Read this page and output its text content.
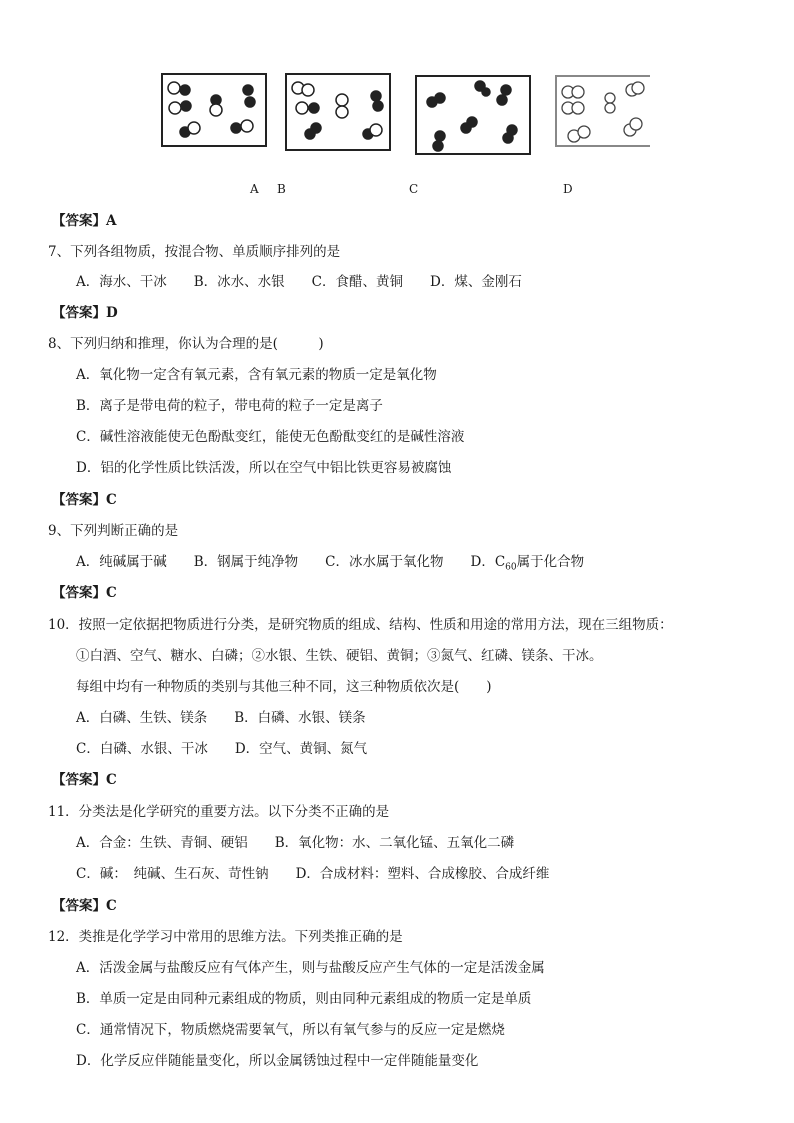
A B	C	D
【答案】A
7、下列各组物质，按混合物、单质顺序排列的是
A．海水、干冰　　B．冰水、水银　　C．食醋、黄铜　　D．煤、金刚石
【答案】D
8、下列归纳和推理，你认为合理的是(　　　)
A．氧化物一定含有氧元素，含有氧元素的物质一定是氧化物
B．离子是带电荷的粒子，带电荷的粒子一定是离子
C．碱性溶液能使无色酚酞变红，能使无色酚酞变红的是碱性溶液
D．铝的化学性质比铁活泼，所以在空气中铝比铁更容易被腐蚀
【答案】C
9、下列判断正确的是
A．纯碱属于碱　　B．钢属于纯净物　　C．冰水属于氧化物　　D．$C_{60}$属于化合物
【答案】C
10．按照一定依据把物质进行分类，是研究物质的组成、结构、性质和用途的常用方法，现在三组物质：
①白酒、空气、糖水、白磷；②水银、生铁、硬铝、黄铜；③氮气、红磷、镁条、干冰。
每组中均有一种物质的类别与其他三种不同，这三种物质依次是(　　)
A．白磷、生铁、镁条　　B．白磷、水银、镁条
C．白磷、水银、干冰　　D．空气、黄铜、氮气
【答案】C
11．分类法是化学研究的重要方法。以下分类不正确的是
A．合金：生铁、青铜、硬铝　　B．氧化物：水、二氧化锰、五氧化二磷
C．碱：　纯碱、生石灰、苛性钠　　D．合成材料：塑料、合成橡胶、合成纤维
【答案】C
12．类推是化学学习中常用的思维方法。下列类推正确的是
A．活泼金属与盐酸反应有气体产生，则与盐酸反应产生气体的一定是活泼金属
B．单质一定是由同种元素组成的物质，则由同种元素组成的物质一定是单质
C．通常情况下，物质燃烧需要氧气，所以有氧气参与的反应一定是燃烧
D．化学反应伴随能量变化，所以金属锈蚀过程中一定伴随能量变化
